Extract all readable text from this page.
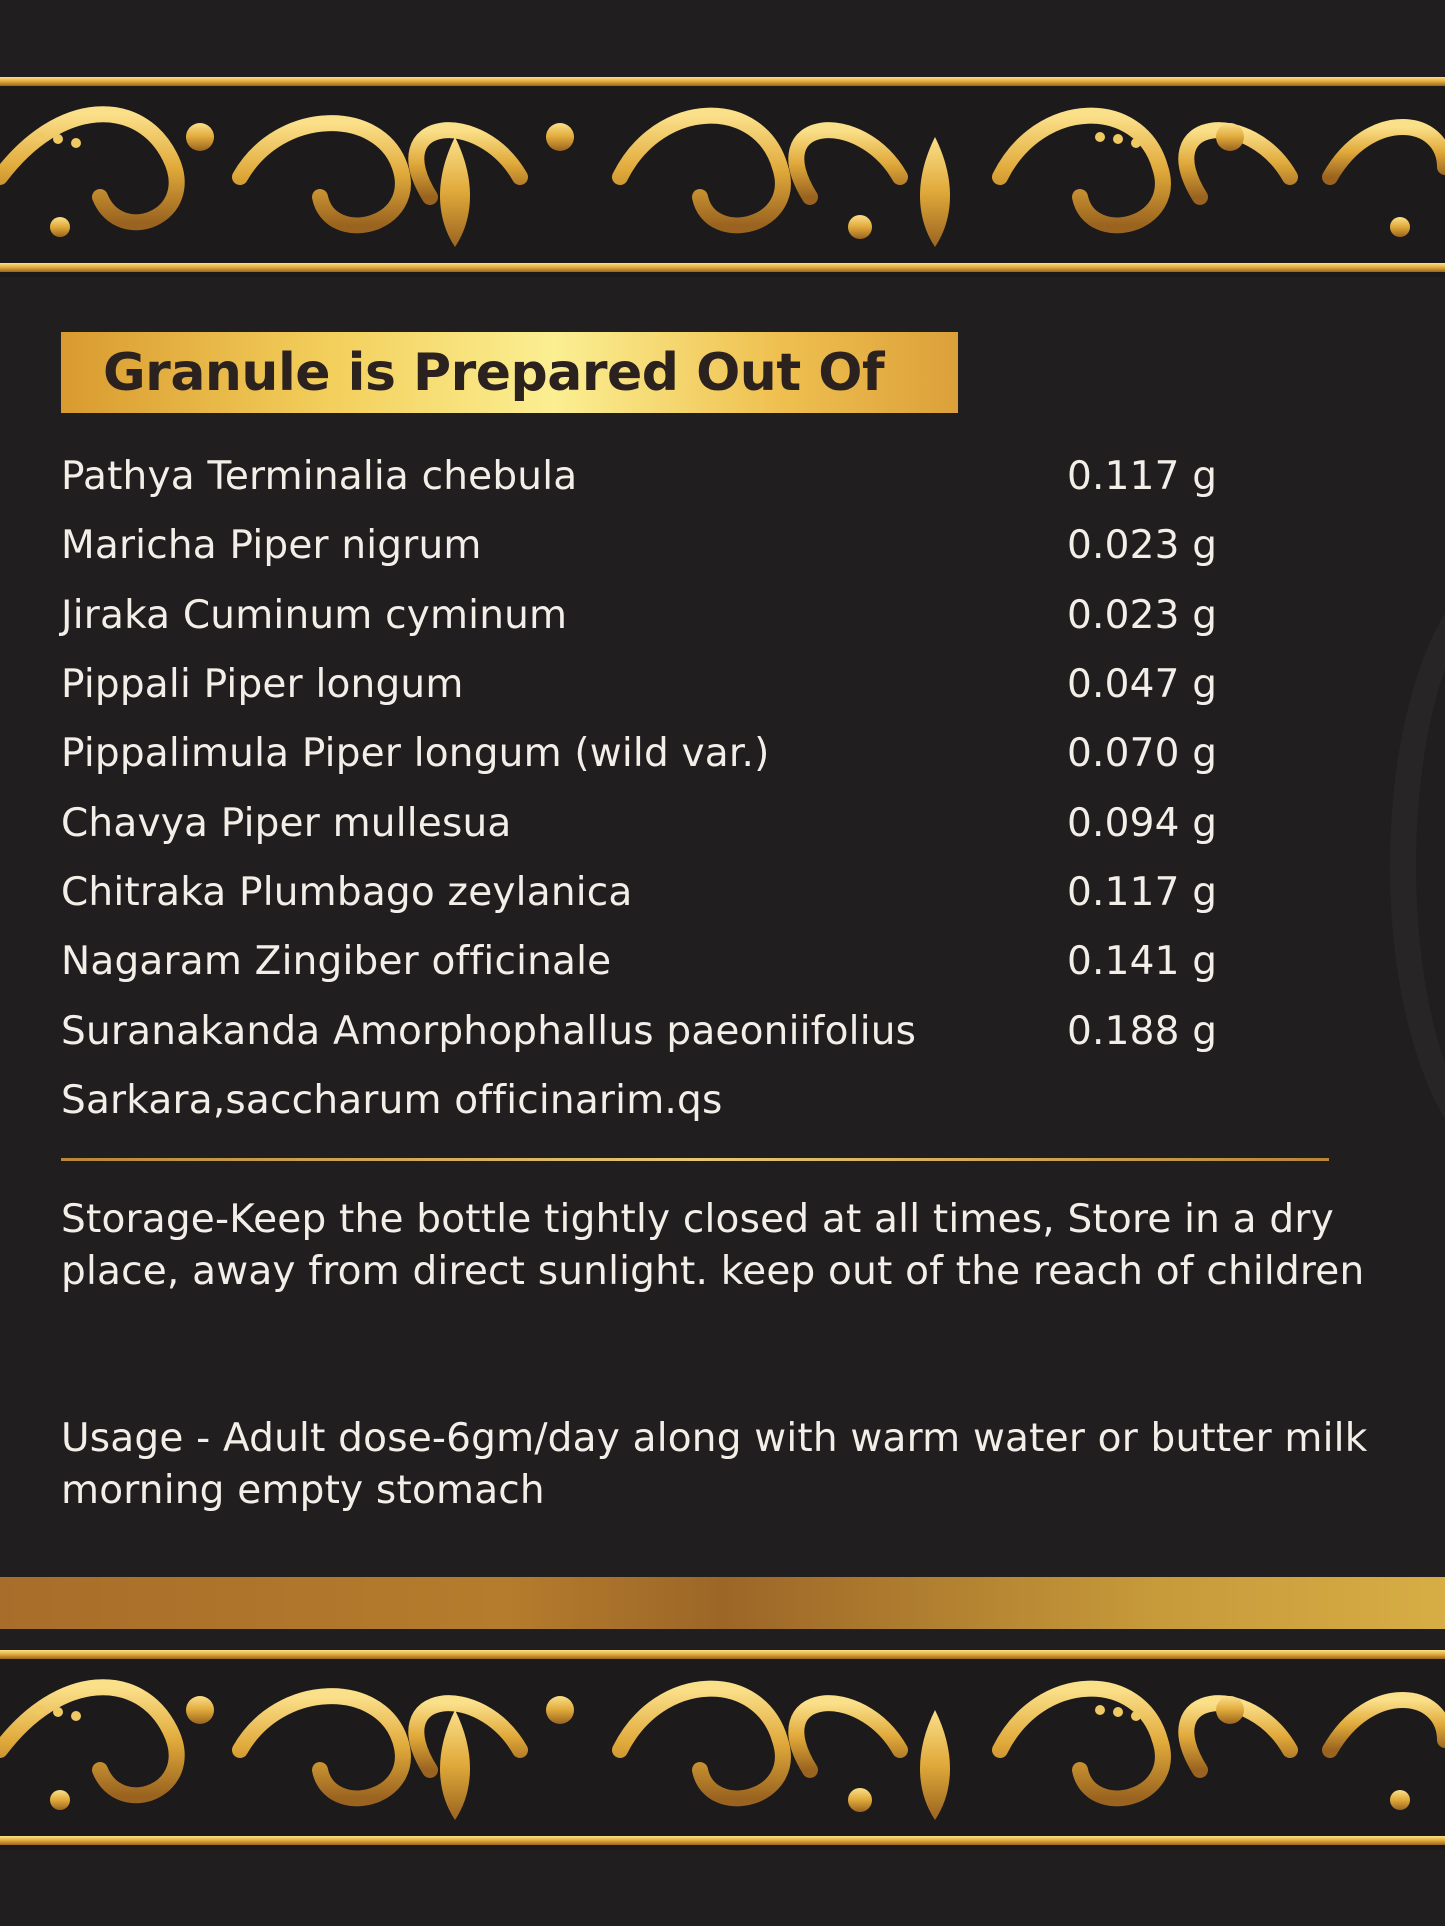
Granule is Prepared Out Of
Pathya Terminalia chebula	0.117 g
Maricha Piper nigrum	0.023 g
Jiraka Cuminum cyminum	0.023 g
Pippali Piper longum	0.047 g
Pippalimula Piper longum (wild var.)	0.070 g
Chavya Piper mullesua	0.094 g
Chitraka Plumbago zeylanica	0.117 g
Nagaram Zingiber officinale	0.141 g
Suranakanda Amorphophallus paeoniifolius	0.188 g
Sarkara,saccharum officinarim.qs

Storage-Keep the bottle tightly closed at all times, Store in a dry place, away from direct sunlight. keep out of the reach of children

Usage - Adult dose-6gm/day along with warm water or butter milk morning empty stomach
